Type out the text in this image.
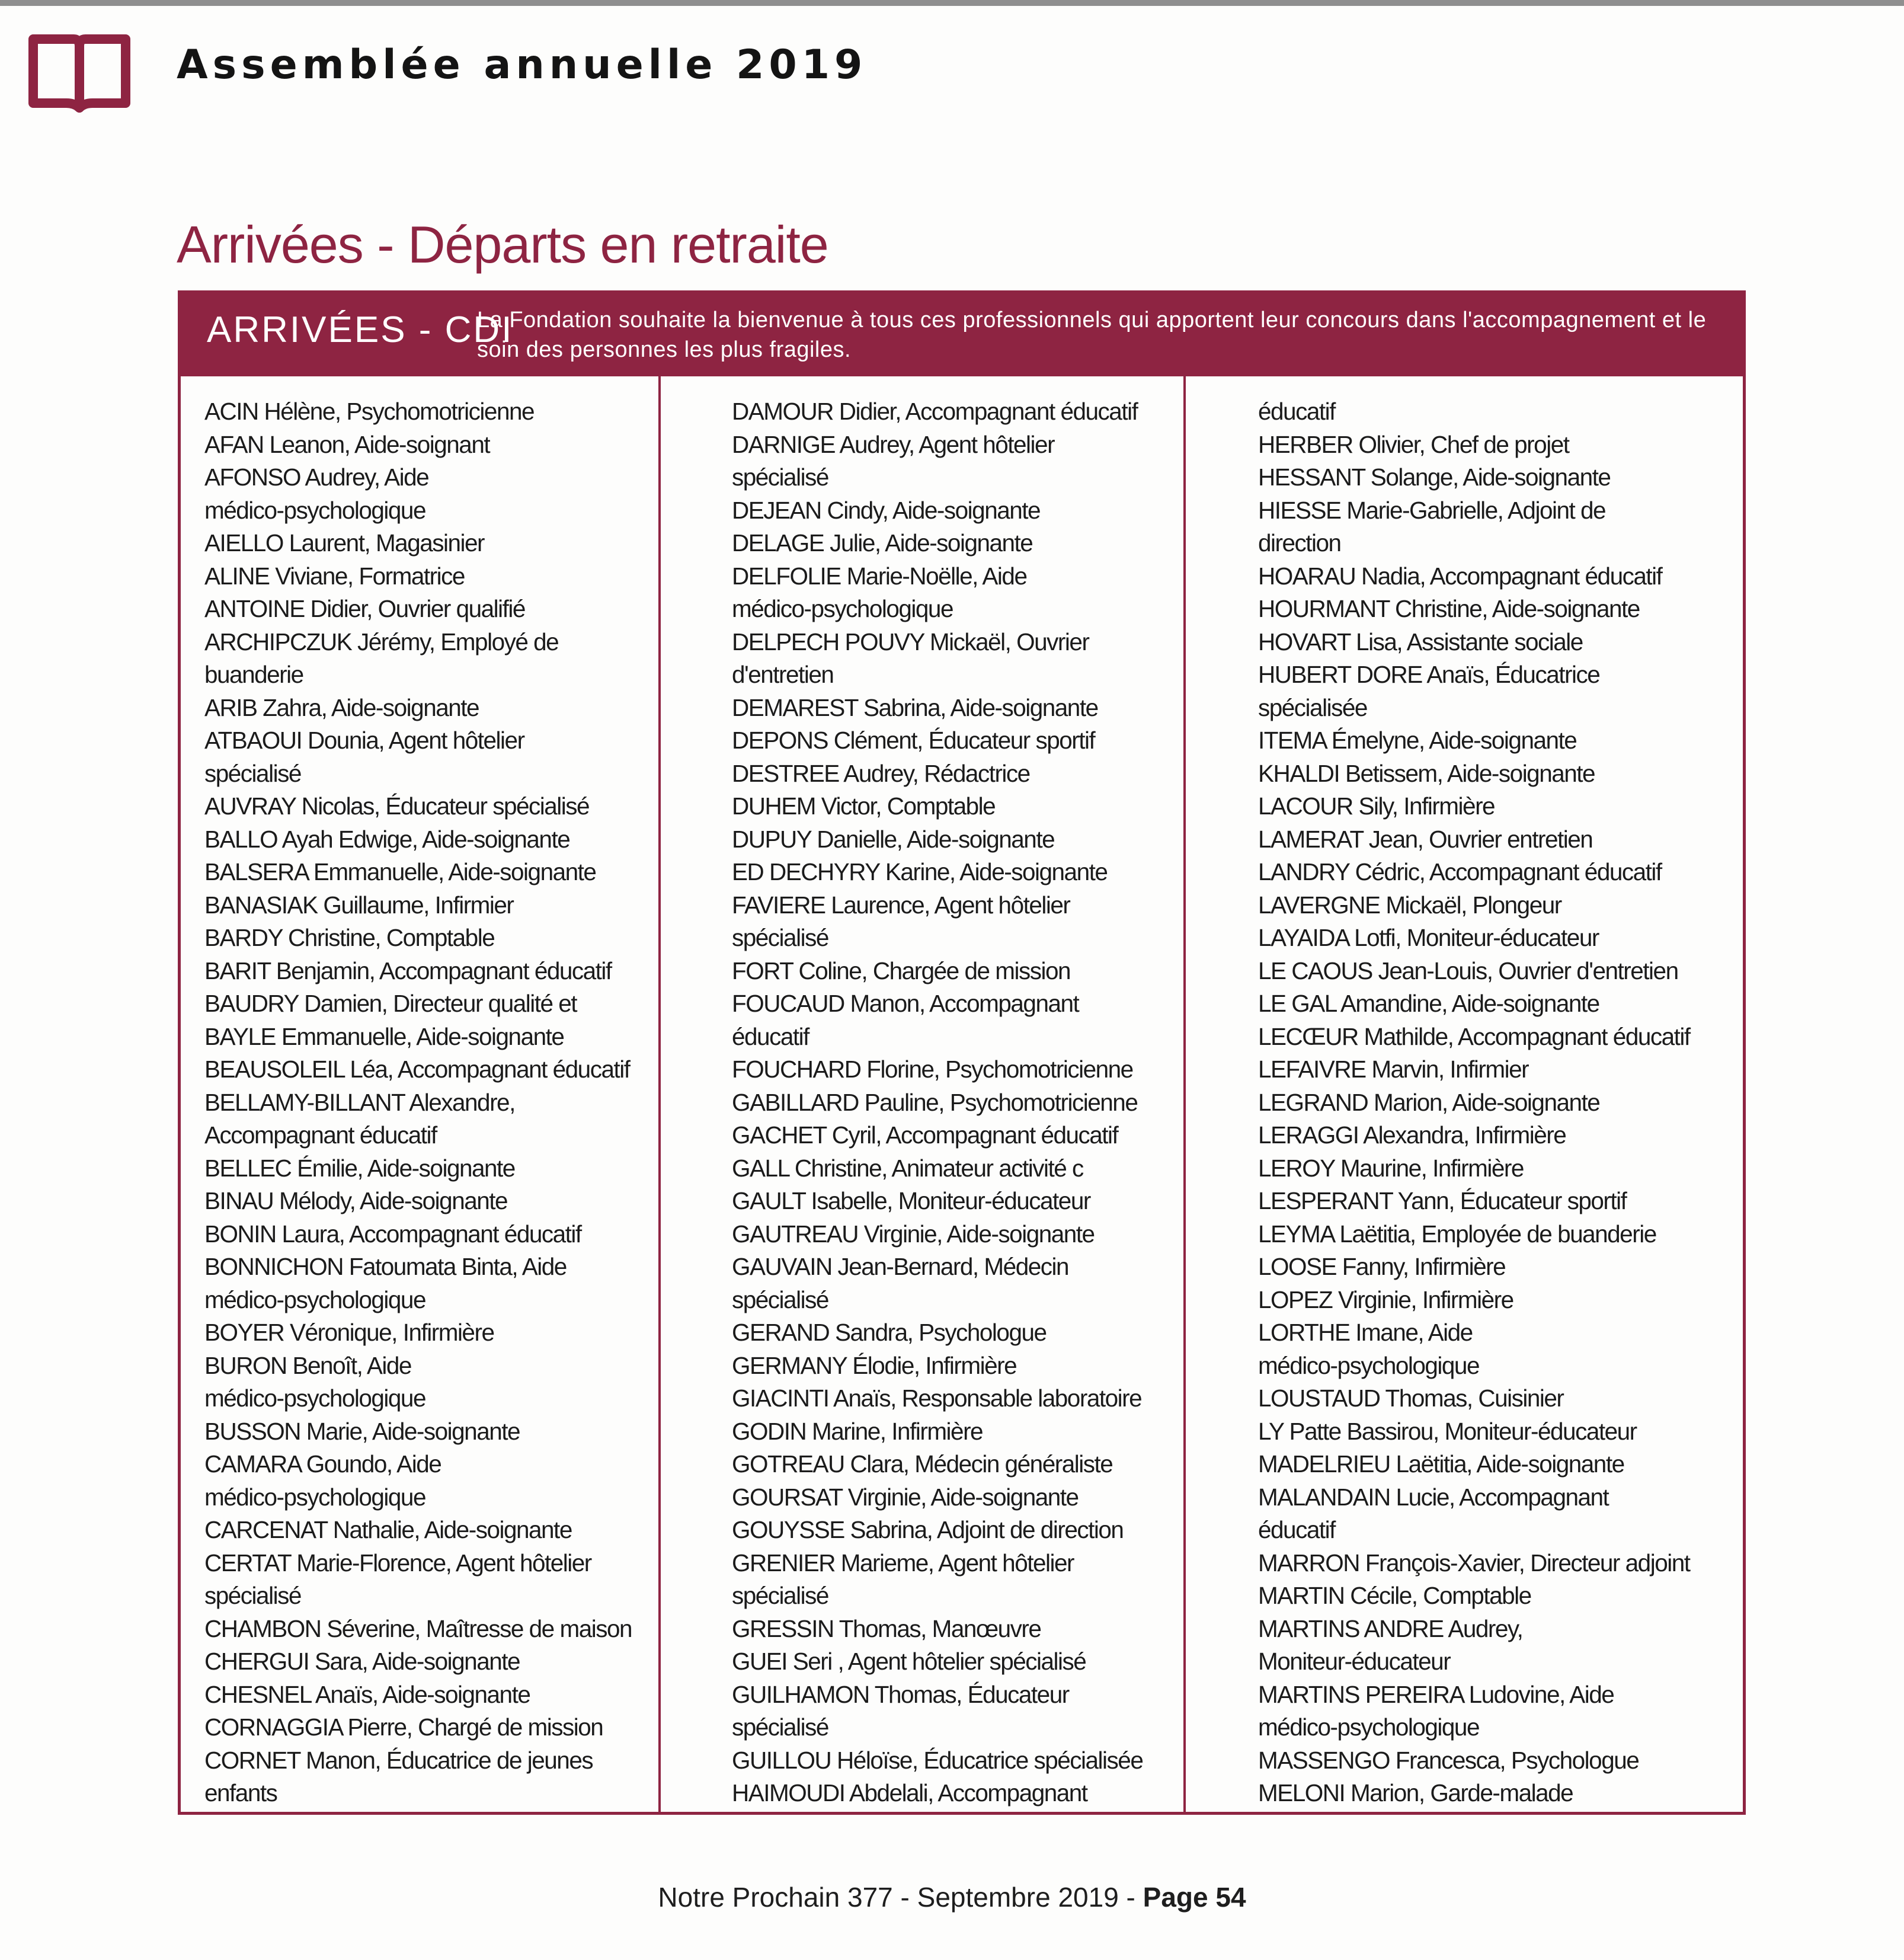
Assemblée annuelle 2019
Arrivées - Départs en retraite
ARRIVÉES - CDI
La Fondation souhaite la bienvenue à tous ces professionnels qui apportent leur concours dans l'accompagnement et le soin des personnes les plus fragiles.
ACIN Hélène, Psychomotricienne
AFAN Leanon, Aide-soignant
AFONSO Audrey, Aide
médico-psychologique
AIELLO Laurent, Magasinier
ALINE Viviane, Formatrice
ANTOINE Didier, Ouvrier qualifié
ARCHIPCZUK Jérémy, Employé de
buanderie
ARIB Zahra, Aide-soignante
ATBAOUI Dounia, Agent hôtelier
spécialisé
AUVRAY Nicolas, Éducateur spécialisé
BALLO Ayah Edwige, Aide-soignante
BALSERA Emmanuelle, Aide-soignante
BANASIAK Guillaume, Infirmier
BARDY Christine, Comptable
BARIT Benjamin, Accompagnant éducatif
BAUDRY Damien, Directeur qualité et
BAYLE Emmanuelle, Aide-soignante
BEAUSOLEIL Léa, Accompagnant éducatif
BELLAMY-BILLANT Alexandre,
Accompagnant éducatif
BELLEC Émilie, Aide-soignante
BINAU Mélody, Aide-soignante
BONIN Laura, Accompagnant éducatif
BONNICHON Fatoumata Binta, Aide
médico-psychologique
BOYER Véronique, Infirmière
BURON Benoît, Aide
médico-psychologique
BUSSON Marie, Aide-soignante
CAMARA Goundo, Aide
médico-psychologique
CARCENAT Nathalie, Aide-soignante
CERTAT Marie-Florence, Agent hôtelier
spécialisé
CHAMBON Séverine, Maîtresse de maison
CHERGUI Sara, Aide-soignante
CHESNEL Anaïs, Aide-soignante
CORNAGGIA Pierre, Chargé de mission
CORNET Manon, Éducatrice de jeunes
enfants
DAMOUR Didier, Accompagnant éducatif
DARNIGE Audrey, Agent hôtelier
spécialisé
DEJEAN Cindy, Aide-soignante
DELAGE Julie, Aide-soignante
DELFOLIE Marie-Noëlle, Aide
médico-psychologique
DELPECH POUVY Mickaël, Ouvrier
d'entretien
DEMAREST Sabrina, Aide-soignante
DEPONS Clément, Éducateur sportif
DESTREE Audrey, Rédactrice
DUHEM Victor, Comptable
DUPUY Danielle, Aide-soignante
ED DECHYRY Karine, Aide-soignante
FAVIERE Laurence, Agent hôtelier
spécialisé
FORT Coline, Chargée de mission
FOUCAUD Manon, Accompagnant
éducatif
FOUCHARD Florine, Psychomotricienne
GABILLARD Pauline, Psychomotricienne
GACHET Cyril, Accompagnant éducatif
GALL Christine, Animateur activité c
GAULT Isabelle, Moniteur-éducateur
GAUTREAU Virginie, Aide-soignante
GAUVAIN Jean-Bernard, Médecin
spécialisé
GERAND Sandra, Psychologue
GERMANY Élodie, Infirmière
GIACINTI Anaïs, Responsable laboratoire
GODIN Marine, Infirmière
GOTREAU Clara, Médecin généraliste
GOURSAT Virginie, Aide-soignante
GOUYSSE Sabrina, Adjoint de direction
GRENIER Marieme, Agent hôtelier
spécialisé
GRESSIN Thomas, Manœuvre
GUEI Seri , Agent hôtelier spécialisé
GUILHAMON Thomas, Éducateur
spécialisé
GUILLOU Héloïse, Éducatrice spécialisée
HAIMOUDI Abdelali, Accompagnant
éducatif
HERBER Olivier, Chef de projet
HESSANT Solange, Aide-soignante
HIESSE Marie-Gabrielle, Adjoint de
direction
HOARAU Nadia, Accompagnant éducatif
HOURMANT Christine, Aide-soignante
HOVART Lisa, Assistante sociale
HUBERT DORE Anaïs, Éducatrice
spécialisée
ITEMA Émelyne, Aide-soignante
KHALDI Betissem, Aide-soignante
LACOUR Sily, Infirmière
LAMERAT Jean, Ouvrier entretien
LANDRY Cédric, Accompagnant éducatif
LAVERGNE Mickaël, Plongeur
LAYAIDA Lotfi, Moniteur-éducateur
LE CAOUS Jean-Louis, Ouvrier d'entretien
LE GAL Amandine, Aide-soignante
LECŒUR Mathilde, Accompagnant éducatif
LEFAIVRE Marvin, Infirmier
LEGRAND Marion, Aide-soignante
LERAGGI Alexandra, Infirmière
LEROY Maurine, Infirmière
LESPERANT Yann, Éducateur sportif
LEYMA Laëtitia, Employée de buanderie
LOOSE Fanny, Infirmière
LOPEZ Virginie, Infirmière
LORTHE Imane, Aide
médico-psychologique
LOUSTAUD Thomas, Cuisinier
LY Patte Bassirou, Moniteur-éducateur
MADELRIEU Laëtitia, Aide-soignante
MALANDAIN Lucie, Accompagnant
éducatif
MARRON François-Xavier, Directeur adjoint
MARTIN Cécile, Comptable
MARTINS ANDRE Audrey,
Moniteur-éducateur
MARTINS PEREIRA Ludovine, Aide
médico-psychologique
MASSENGO Francesca, Psychologue
MELONI Marion, Garde-malade
Notre Prochain 377 - Septembre 2019 - Page 54
